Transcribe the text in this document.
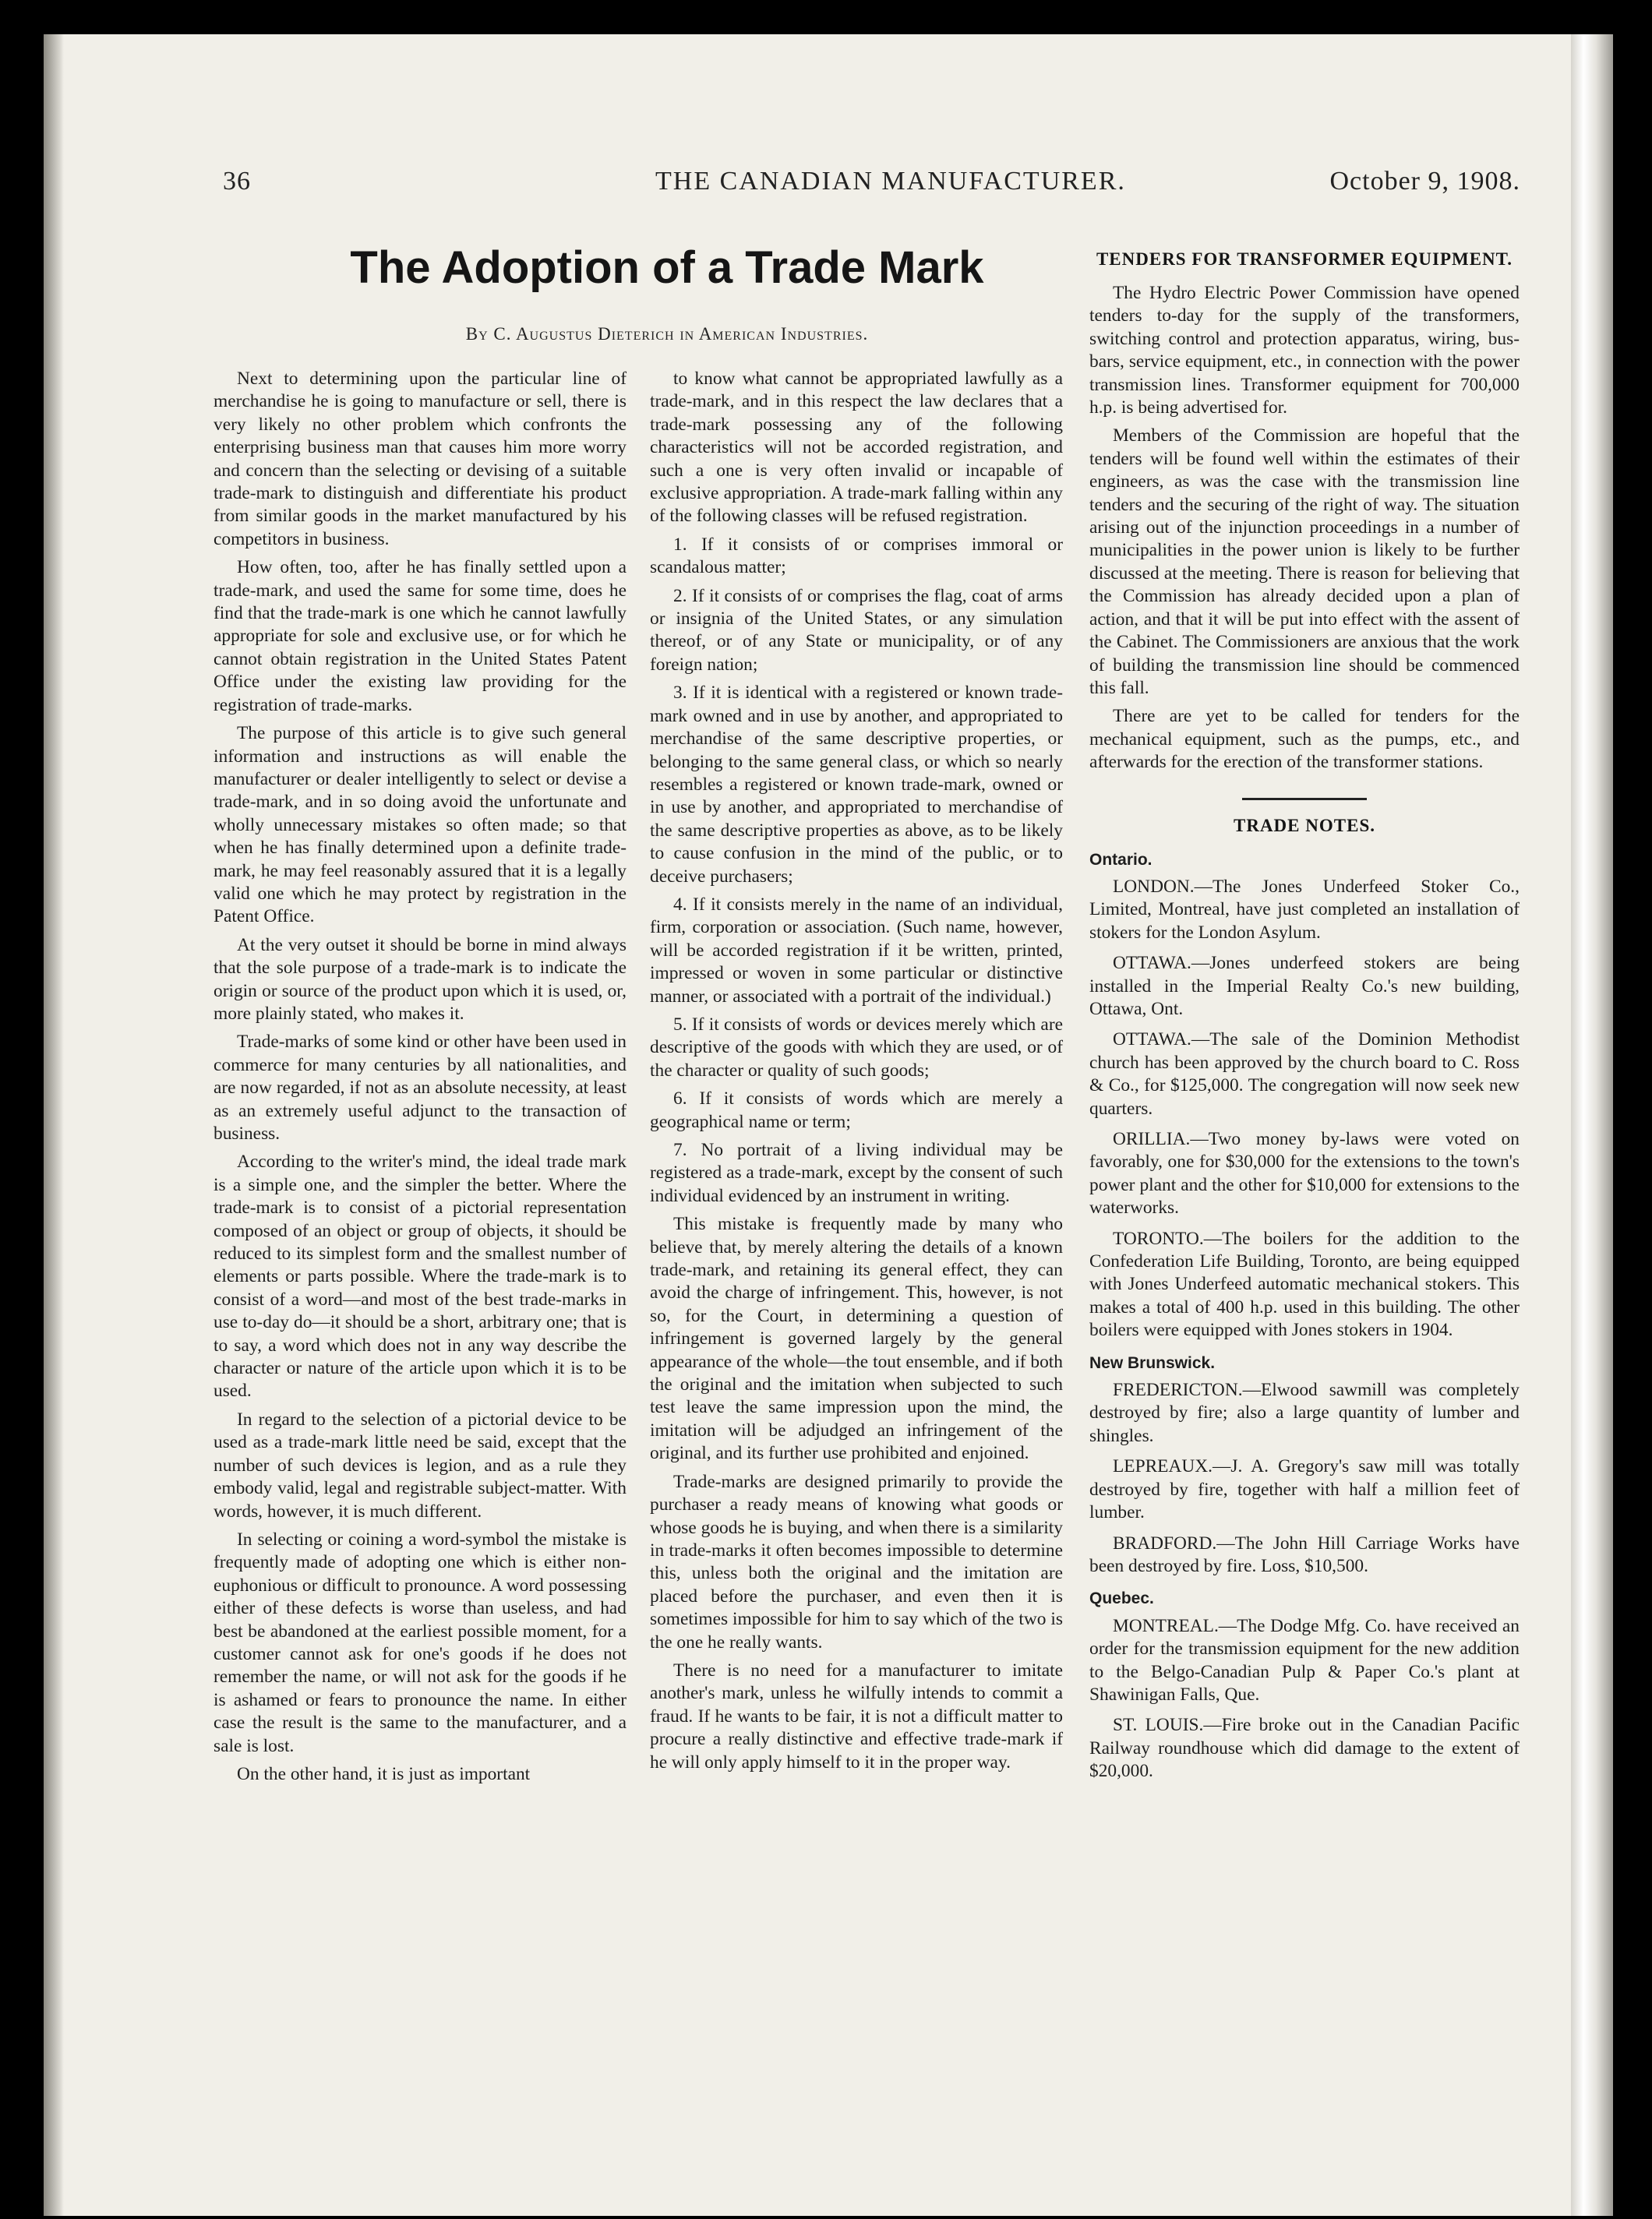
36	THE CANADIAN MANUFACTURER.	October 9, 1908.
The Adoption of a Trade Mark
By C. Augustus Dieterich in American Industries.

Next to determining upon the particular line of merchandise he is going to manufacture or sell, there is very likely no other problem which confronts the enterprising business man that causes him more worry and concern than the selecting or devising of a suitable trade-mark to distinguish and differentiate his product from similar goods in the market manufactured by his competitors in business.

How often, too, after he has finally settled upon a trade-mark, and used the same for some time, does he find that the trade-mark is one which he cannot lawfully appropriate for sole and exclusive use, or for which he cannot obtain registration in the United States Patent Office under the existing law providing for the registration of trade-marks.

The purpose of this article is to give such general information and instructions as will enable the manufacturer or dealer intelligently to select or devise a trade-mark, and in so doing avoid the unfortunate and wholly unnecessary mistakes so often made; so that when he has finally determined upon a definite trade-mark, he may feel reasonably assured that it is a legally valid one which he may protect by registration in the Patent Office.

At the very outset it should be borne in mind always that the sole purpose of a trade-mark is to indicate the origin or source of the product upon which it is used, or, more plainly stated, who makes it.

Trade-marks of some kind or other have been used in commerce for many centuries by all nationalities, and are now regarded, if not as an absolute necessity, at least as an extremely useful adjunct to the transaction of business.

According to the writer's mind, the ideal trade mark is a simple one, and the simpler the better. Where the trade-mark is to consist of a pictorial representation composed of an object or group of objects, it should be reduced to its simplest form and the smallest number of elements or parts possible. Where the trade-mark is to consist of a word—and most of the best trade-marks in use to-day do—it should be a short, arbitrary one; that is to say, a word which does not in any way describe the character or nature of the article upon which it is to be used.

In regard to the selection of a pictorial device to be used as a trade-mark little need be said, except that the number of such devices is legion, and as a rule they embody valid, legal and registrable subject-matter. With words, however, it is much different.

In selecting or coining a word-symbol the mistake is frequently made of adopting one which is either non-euphonious or difficult to pronounce. A word possessing either of these defects is worse than useless, and had best be abandoned at the earliest possible moment, for a customer cannot ask for one's goods if he does not remember the name, or will not ask for the goods if he is ashamed or fears to pronounce the name. In either case the result is the same to the manufacturer, and a sale is lost.

On the other hand, it is just as important

to know what cannot be appropriated lawfully as a trade-mark, and in this respect the law declares that a trade-mark possessing any of the following characteristics will not be accorded registration, and such a one is very often invalid or incapable of exclusive appropriation. A trade-mark falling within any of the following classes will be refused registration.

1. If it consists of or comprises immoral or scandalous matter;

2. If it consists of or comprises the flag, coat of arms or insignia of the United States, or any simulation thereof, or of any State or municipality, or of any foreign nation;

3. If it is identical with a registered or known trade-mark owned and in use by another, and appropriated to merchandise of the same descriptive properties, or belonging to the same general class, or which so nearly resembles a registered or known trade-mark, owned or in use by another, and appropriated to merchandise of the same descriptive properties as above, as to be likely to cause confusion in the mind of the public, or to deceive purchasers;

4. If it consists merely in the name of an individual, firm, corporation or association. (Such name, however, will be accorded registration if it be written, printed, impressed or woven in some particular or distinctive manner, or associated with a portrait of the individual.)

5. If it consists of words or devices merely which are descriptive of the goods with which they are used, or of the character or quality of such goods;

6. If it consists of words which are merely a geographical name or term;

7. No portrait of a living individual may be registered as a trade-mark, except by the consent of such individual evidenced by an instrument in writing.

This mistake is frequently made by many who believe that, by merely altering the details of a known trade-mark, and retaining its general effect, they can avoid the charge of infringement. This, however, is not so, for the Court, in determining a question of infringement is governed largely by the general appearance of the whole—the tout ensemble, and if both the original and the imitation when subjected to such test leave the same impression upon the mind, the imitation will be adjudged an infringement of the original, and its further use prohibited and enjoined.

Trade-marks are designed primarily to provide the purchaser a ready means of knowing what goods or whose goods he is buying, and when there is a similarity in trade-marks it often becomes impossible to determine this, unless both the original and the imitation are placed before the purchaser, and even then it is sometimes impossible for him to say which of the two is the one he really wants.

There is no need for a manufacturer to imitate another's mark, unless he wilfully intends to commit a fraud. If he wants to be fair, it is not a difficult matter to procure a really distinctive and effective trade-mark if he will only apply himself to it in the proper way.

TENDERS FOR TRANSFORMER EQUIPMENT.

The Hydro Electric Power Commission have opened tenders to-day for the supply of the transformers, switching control and protection apparatus, wiring, bus-bars, service equipment, etc., in connection with the power transmission lines. Transformer equipment for 700,000 h.p. is being advertised for.

Members of the Commission are hopeful that the tenders will be found well within the estimates of their engineers, as was the case with the transmission line tenders and the securing of the right of way. The situation arising out of the injunction proceedings in a number of municipalities in the power union is likely to be further discussed at the meeting. There is reason for believing that the Commission has already decided upon a plan of action, and that it will be put into effect with the assent of the Cabinet. The Commissioners are anxious that the work of building the transmission line should be commenced this fall.

There are yet to be called for tenders for the mechanical equipment, such as the pumps, etc., and afterwards for the erection of the transformer stations.

TRADE NOTES.
Ontario.

LONDON.—The Jones Underfeed Stoker Co., Limited, Montreal, have just completed an installation of stokers for the London Asylum.

OTTAWA.—Jones underfeed stokers are being installed in the Imperial Realty Co.'s new building, Ottawa, Ont.

OTTAWA.—The sale of the Dominion Methodist church has been approved by the church board to C. Ross & Co., for $125,000. The congregation will now seek new quarters.

ORILLIA.—Two money by-laws were voted on favorably, one for $30,000 for the extensions to the town's power plant and the other for $10,000 for extensions to the waterworks.

TORONTO.—The boilers for the addition to the Confederation Life Building, Toronto, are being equipped with Jones Underfeed automatic mechanical stokers. This makes a total of 400 h.p. used in this building. The other boilers were equipped with Jones stokers in 1904.

New Brunswick.

FREDERICTON.—Elwood sawmill was completely destroyed by fire; also a large quantity of lumber and shingles.

LEPREAUX.—J. A. Gregory's saw mill was totally destroyed by fire, together with half a million feet of lumber.

BRADFORD.—The John Hill Carriage Works have been destroyed by fire. Loss, $10,500.

Quebec.

MONTREAL.—The Dodge Mfg. Co. have received an order for the transmission equipment for the new addition to the Belgo-Canadian Pulp & Paper Co.'s plant at Shawinigan Falls, Que.

ST. LOUIS.—Fire broke out in the Canadian Pacific Railway roundhouse which did damage to the extent of $20,000.
